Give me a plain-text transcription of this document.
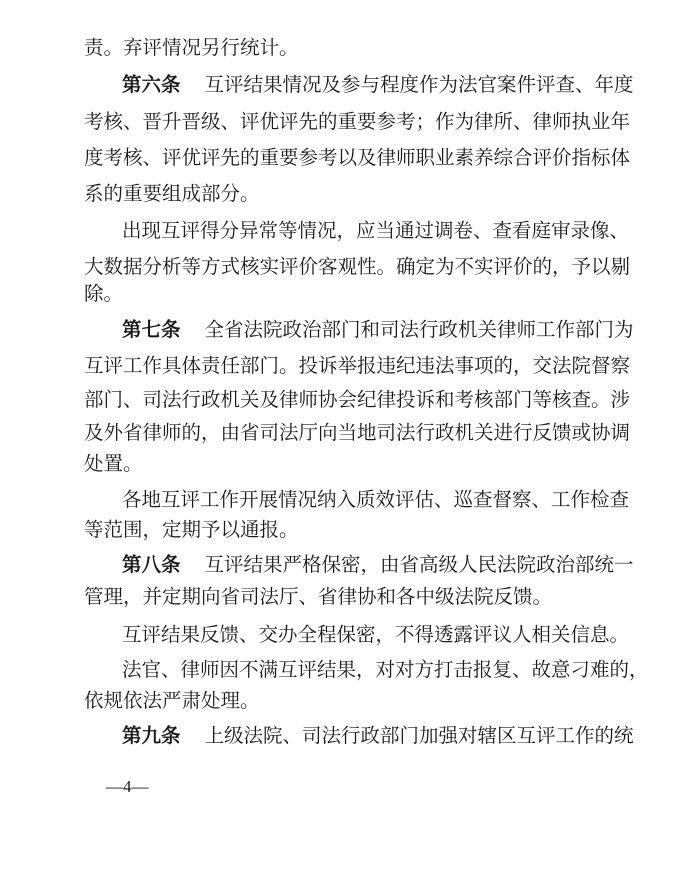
责。弃评情况另行统计。
第六条 互评结果情况及参与程度作为法官案件评查、年度
考核、晋升晋级、评优评先的重要参考；作为律所、律师执业年
度考核、评优评先的重要参考以及律师职业素养综合评价指标体
系的重要组成部分。
出现互评得分异常等情况，应当通过调卷、查看庭审录像、
大数据分析等方式核实评价客观性。确定为不实评价的，予以剔
除。
第七条 全省法院政治部门和司法行政机关律师工作部门为
互评工作具体责任部门。投诉举报违纪违法事项的，交法院督察
部门、司法行政机关及律师协会纪律投诉和考核部门等核查。涉
及外省律师的，由省司法厅向当地司法行政机关进行反馈或协调
处置。
各地互评工作开展情况纳入质效评估、巡查督察、工作检查
等范围，定期予以通报。
第八条 互评结果严格保密，由省高级人民法院政治部统一
管理，并定期向省司法厅、省律协和各中级法院反馈。
互评结果反馈、交办全程保密，不得透露评议人相关信息。
法官、律师因不满互评结果，对对方打击报复、故意刁难的，
依规依法严肃处理。
第九条 上级法院、司法行政部门加强对辖区互评工作的统
—4—
